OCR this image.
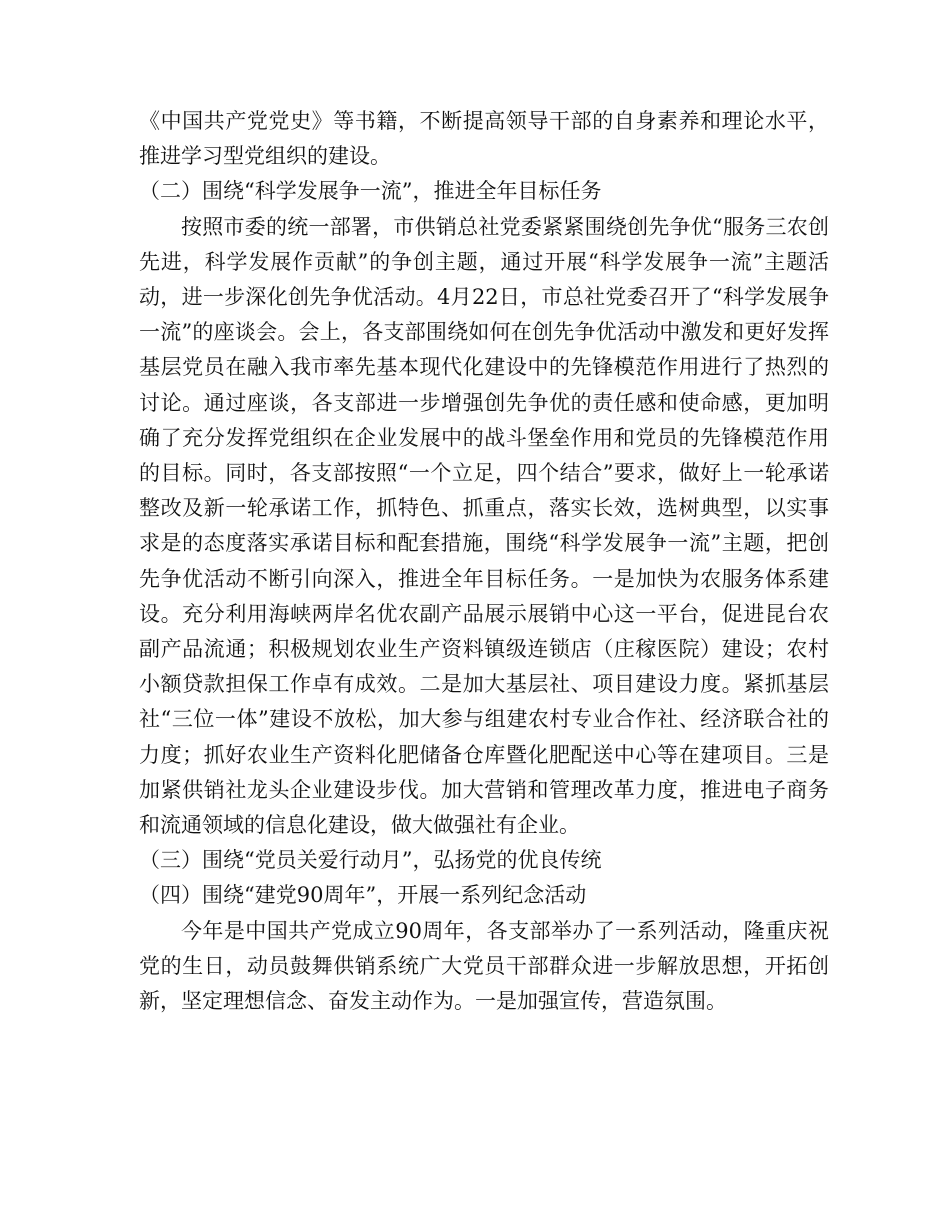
《中国共产党党史》等书籍，不断提高领导干部的自身素养和理论水平，推进学习型党组织的建设。

（二）围绕“科学发展争一流”，推进全年目标任务

按照市委的统一部署，市供销总社党委紧紧围绕创先争优“服务三农创先进，科学发展作贡献”的争创主题，通过开展“科学发展争一流”主题活动，进一步深化创先争优活动。4月22日，市总社党委召开了“科学发展争一流”的座谈会。会上，各支部围绕如何在创先争优活动中激发和更好发挥基层党员在融入我市率先基本现代化建设中的先锋模范作用进行了热烈的讨论。通过座谈，各支部进一步增强创先争优的责任感和使命感，更加明确了充分发挥党组织在企业发展中的战斗堡垒作用和党员的先锋模范作用的目标。同时，各支部按照“一个立足，四个结合”要求，做好上一轮承诺整改及新一轮承诺工作，抓特色、抓重点，落实长效，选树典型，以实事求是的态度落实承诺目标和配套措施，围绕“科学发展争一流”主题，把创先争优活动不断引向深入，推进全年目标任务。一是加快为农服务体系建设。充分利用海峡两岸名优农副产品展示展销中心这一平台，促进昆台农副产品流通；积极规划农业生产资料镇级连锁店（庄稼医院）建设；农村小额贷款担保工作卓有成效。二是加大基层社、项目建设力度。紧抓基层社“三位一体”建设不放松，加大参与组建农村专业合作社、经济联合社的力度；抓好农业生产资料化肥储备仓库暨化肥配送中心等在建项目。三是加紧供销社龙头企业建设步伐。加大营销和管理改革力度，推进电子商务和流通领域的信息化建设，做大做强社有企业。

（三）围绕“党员关爱行动月”，弘扬党的优良传统

（四）围绕“建党90周年”，开展一系列纪念活动

今年是中国共产党成立90周年，各支部举办了一系列活动，隆重庆祝党的生日，动员鼓舞供销系统广大党员干部群众进一步解放思想，开拓创新，坚定理想信念、奋发主动作为。一是加强宣传，营造氛围。
